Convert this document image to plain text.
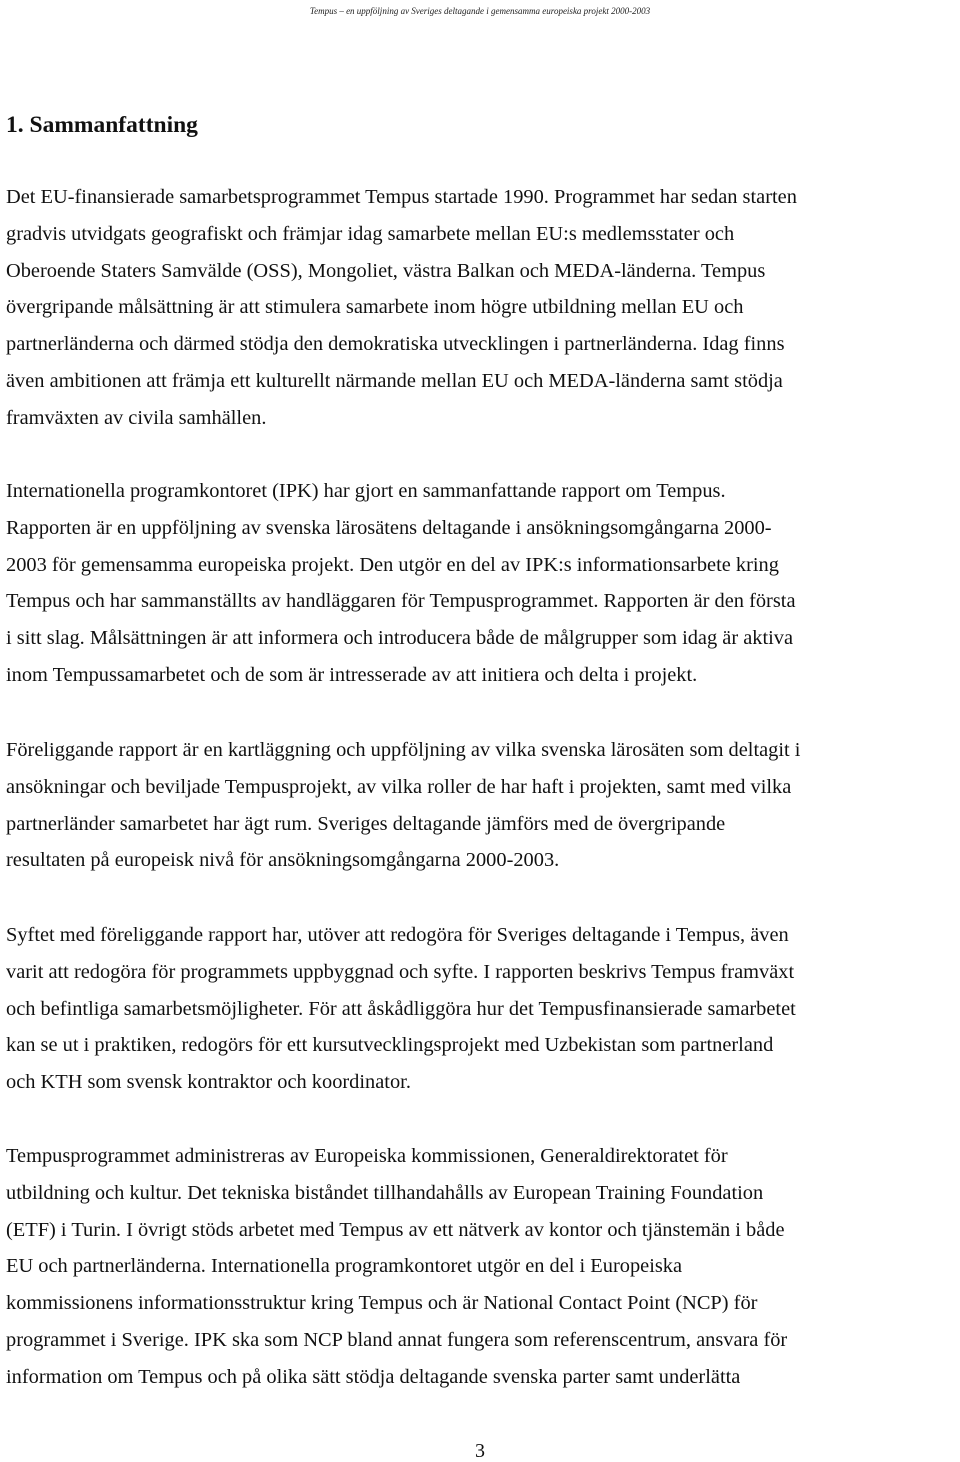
Tempus – en uppföljning av Sveriges deltagande i gemensamma europeiska projekt 2000-2003
1. Sammanfattning

Det EU-finansierade samarbetsprogrammet Tempus startade 1990. Programmet har sedan starten
gradvis utvidgats geografiskt och främjar idag samarbete mellan EU:s medlemsstater och
Oberoende Staters Samvälde (OSS), Mongoliet, västra Balkan och MEDA-länderna. Tempus
övergripande målsättning är att stimulera samarbete inom högre utbildning mellan EU och
partnerländerna och därmed stödja den demokratiska utvecklingen i partnerländerna. Idag finns
även ambitionen att främja ett kulturellt närmande mellan EU och MEDA-länderna samt stödja
framväxten av civila samhällen.

Internationella programkontoret (IPK) har gjort en sammanfattande rapport om Tempus.
Rapporten är en uppföljning av svenska lärosätens deltagande i ansökningsomgångarna 2000-
2003 för gemensamma europeiska projekt. Den utgör en del av IPK:s informationsarbete kring
Tempus och har sammanställts av handläggaren för Tempusprogrammet. Rapporten är den första
i sitt slag. Målsättningen är att informera och introducera både de målgrupper som idag är aktiva
inom Tempussamarbetet och de som är intresserade av att initiera och delta i projekt.

Föreliggande rapport är en kartläggning och uppföljning av vilka svenska lärosäten som deltagit i
ansökningar och beviljade Tempusprojekt, av vilka roller de har haft i projekten, samt med vilka
partnerländer samarbetet har ägt rum. Sveriges deltagande jämförs med de övergripande
resultaten på europeisk nivå för ansökningsomgångarna 2000-2003.

Syftet med föreliggande rapport har, utöver att redogöra för Sveriges deltagande i Tempus, även
varit att redogöra för programmets uppbyggnad och syfte. I rapporten beskrivs Tempus framväxt
och befintliga samarbetsmöjligheter. För att åskådliggöra hur det Tempusfinansierade samarbetet
kan se ut i praktiken, redogörs för ett kursutvecklingsprojekt med Uzbekistan som partnerland
och KTH som svensk kontraktor och koordinator.

Tempusprogrammet administreras av Europeiska kommissionen, Generaldirektoratet för
utbildning och kultur. Det tekniska biståndet tillhandahålls av European Training Foundation
(ETF) i Turin. I övrigt stöds arbetet med Tempus av ett nätverk av kontor och tjänstemän i både
EU och partnerländerna. Internationella programkontoret utgör en del i Europeiska
kommissionens informationsstruktur kring Tempus och är National Contact Point (NCP) för
programmet i Sverige. IPK ska som NCP bland annat fungera som referenscentrum, ansvara för
information om Tempus och på olika sätt stödja deltagande svenska parter samt underlätta

3
